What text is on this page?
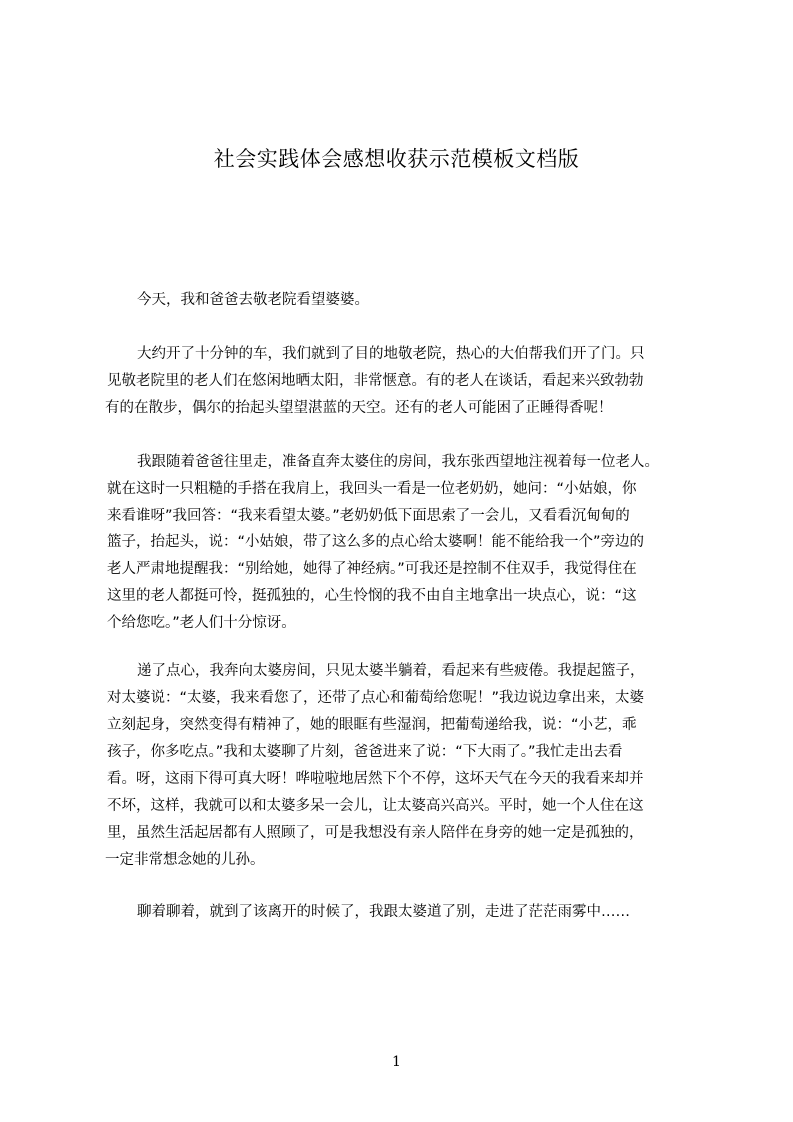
社会实践体会感想收获示范模板文档版
今天，我和爸爸去敬老院看望婆婆。
大约开了十分钟的车，我们就到了目的地敬老院，热心的大伯帮我们开了门。只
见敬老院里的老人们在悠闲地晒太阳，非常惬意。有的老人在谈话，看起来兴致勃勃
有的在散步，偶尔的抬起头望望湛蓝的天空。还有的老人可能困了正睡得香呢！
我跟随着爸爸往里走，准备直奔太婆住的房间，我东张西望地注视着每一位老人。
就在这时一只粗糙的手搭在我肩上，我回头一看是一位老奶奶，她问：“小姑娘，你
来看谁呀”我回答：“我来看望太婆。”老奶奶低下面思索了一会儿，又看看沉甸甸的
篮子，抬起头，说：“小姑娘，带了这么多的点心给太婆啊！能不能给我一个”旁边的
老人严肃地提醒我：“别给她，她得了神经病。”可我还是控制不住双手，我觉得住在
这里的老人都挺可怜，挺孤独的，心生怜悯的我不由自主地拿出一块点心，说：“这
个给您吃。”老人们十分惊讶。
递了点心，我奔向太婆房间，只见太婆半躺着，看起来有些疲倦。我提起篮子，
对太婆说：“太婆，我来看您了，还带了点心和葡萄给您呢！”我边说边拿出来，太婆
立刻起身，突然变得有精神了，她的眼眶有些湿润，把葡萄递给我，说：“小艺，乖
孩子，你多吃点。”我和太婆聊了片刻，爸爸进来了说：“下大雨了。”我忙走出去看
看。呀，这雨下得可真大呀！哗啦啦地居然下个不停，这坏天气在今天的我看来却并
不坏，这样，我就可以和太婆多呆一会儿，让太婆高兴高兴。平时，她一个人住在这
里，虽然生活起居都有人照顾了，可是我想没有亲人陪伴在身旁的她一定是孤独的，
一定非常想念她的儿孙。
聊着聊着，就到了该离开的时候了，我跟太婆道了别，走进了茫茫雨雾中……
1
